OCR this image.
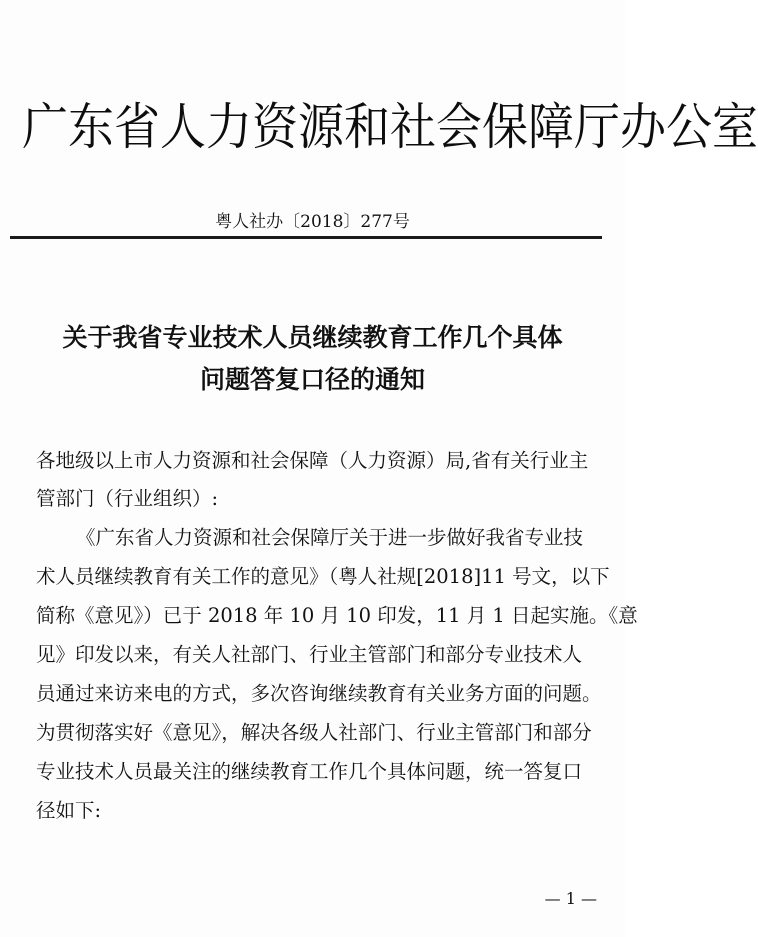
广东省人力资源和社会保障厅办公室
粤人社办〔2018〕277号
关于我省专业技术人员继续教育工作几个具体
问题答复口径的通知
各地级以上市人力资源和社会保障（人力资源）局,省有关行业主
管部门（行业组织）:
《广东省人力资源和社会保障厅关于进一步做好我省专业技
术人员继续教育有关工作的意见》（粤人社规[2018]11 号文，以下
简称《意见》）已于 2018 年 10 月 10 印发，11 月 1 日起实施。《意
见》印发以来，有关人社部门、行业主管部门和部分专业技术人
员通过来访来电的方式，多次咨询继续教育有关业务方面的问题。
为贯彻落实好《意见》，解决各级人社部门、行业主管部门和部分
专业技术人员最关注的继续教育工作几个具体问题，统一答复口
径如下:
— 1 —
